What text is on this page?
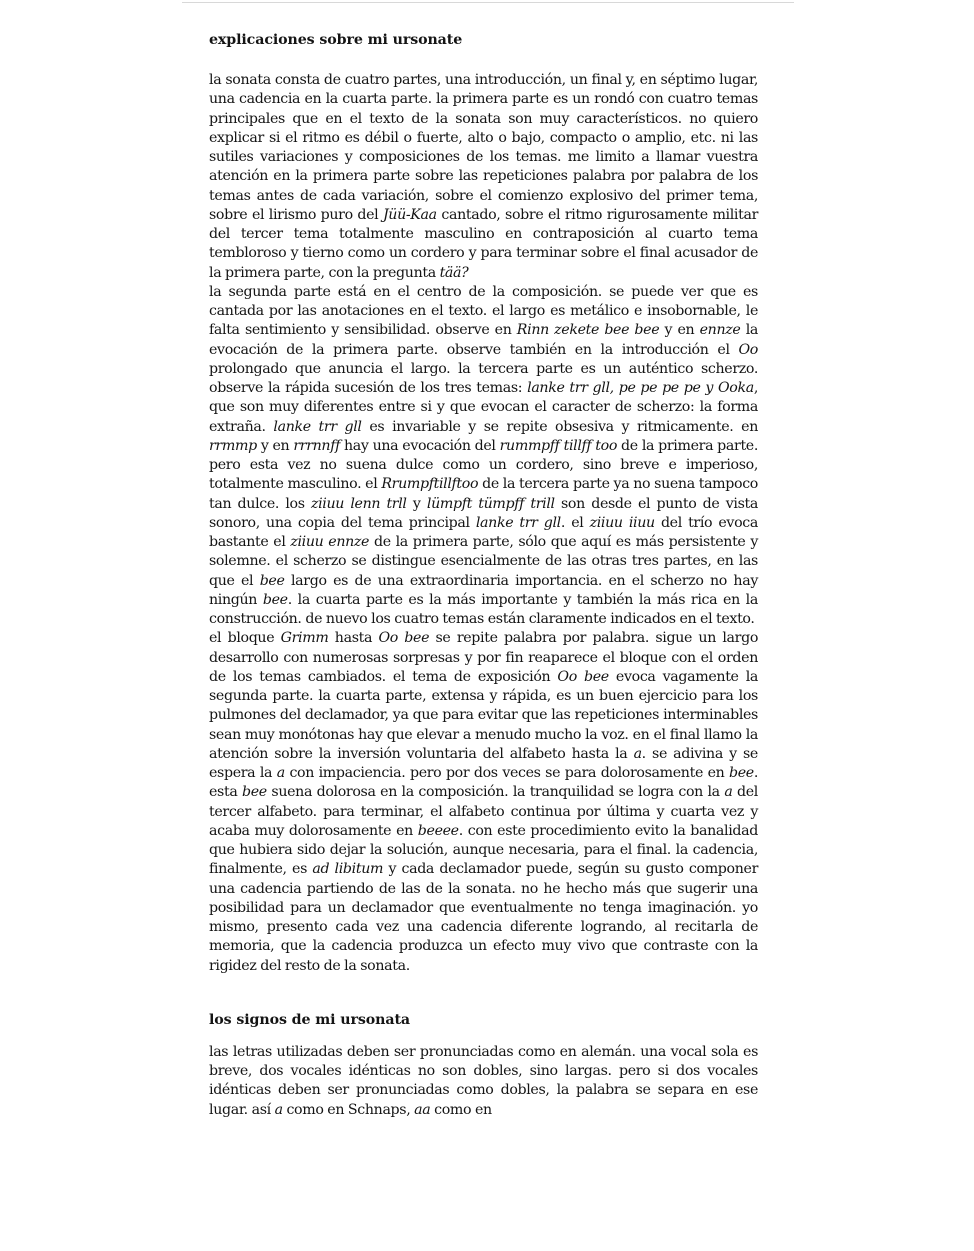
explicaciones sobre mi ursonate

la sonata consta de cuatro partes, una introducción, un final y, en séptimo lugar, una cadencia en la cuarta parte. la primera parte es un rondó con cuatro temas principales que en el texto de la sonata son muy característicos. no quiero explicar si el ritmo es débil o fuerte, alto o bajo, compacto o amplio, etc. ni las sutiles variaciones y composiciones de los temas. me limito a llamar vuestra atención en la primera parte sobre las repeticiones palabra por palabra de los temas antes de cada variación, sobre el comienzo explosivo del primer tema, sobre el lirismo puro del Jüü-Kaa cantado, sobre el ritmo rigurosamente militar del tercer tema totalmente masculino en contraposición al cuarto tema tembloroso y tierno como un cordero y para terminar sobre el final acusador de la primera parte, con la pregunta tää?

la segunda parte está en el centro de la composición. se puede ver que es cantada por las anotaciones en el texto. el largo es metálico e insobornable, le falta sentimiento y sensibilidad. observe en Rinn zekete bee bee y en ennze la evocación de la primera parte. observe también en la introducción el Oo prolongado que anuncia el largo. la tercera parte es un auténtico scherzo. observe la rápida sucesión de los tres temas: lanke trr gll, pe pe pe pe y Ooka, que son muy diferentes entre si y que evocan el caracter de scherzo: la forma extraña. lanke trr gll es invariable y se repite obsesiva y ritmicamente. en rrmmp y en rrrnnff hay una evocación del rummpff tillff too de la primera parte. pero esta vez no suena dulce como un cordero, sino breve e imperioso, totalmente masculino. el Rrumpftillftoo de la tercera parte ya no suena tampoco tan dulce. los ziiuu lenn trll y lümpft tümpff trill son desde el punto de vista sonoro, una copia del tema principal lanke trr gll. el ziiuu iiuu del trío evoca bastante el ziiuu ennze de la primera parte, sólo que aquí es más persistente y solemne. el scherzo se distingue esencialmente de las otras tres partes, en las que el bee largo es de una extraordinaria importancia. en el scherzo no hay ningún bee. la cuarta parte es la más importante y también la más rica en la construcción. de nuevo los cuatro temas están claramente indicados en el texto.

el bloque Grimm hasta Oo bee se repite palabra por palabra. sigue un largo desarrollo con numerosas sorpresas y por fin reaparece el bloque con el orden de los temas cambiados. el tema de exposición Oo bee evoca vagamente la segunda parte. la cuarta parte, extensa y rápida, es un buen ejercicio para los pulmones del declamador, ya que para evitar que las repeticiones interminables sean muy monótonas hay que elevar a menudo mucho la voz. en el final llamo la atención sobre la inversión voluntaria del alfabeto hasta la a. se adivina y se espera la a con impaciencia. pero por dos veces se para dolorosamente en bee. esta bee suena dolorosa en la composición. la tranquilidad se logra con la a del tercer alfabeto. para terminar, el alfabeto continua por última y cuarta vez y acaba muy dolorosamente en beeee. con este procedimiento evito la banalidad que hubiera sido dejar la solución, aunque necesaria, para el final. la cadencia, finalmente, es ad libitum y cada declamador puede, según su gusto componer una cadencia partiendo de las de la sonata. no he hecho más que sugerir una posibilidad para un declamador que eventualmente no tenga imaginación. yo mismo, presento cada vez una cadencia diferente logrando, al recitarla de memoria, que la cadencia produzca un efecto muy vivo que contraste con la rigidez del resto de la sonata.

los signos de mi ursonata

las letras utilizadas deben ser pronunciadas como en alemán. una vocal sola es breve, dos vocales idénticas no son dobles, sino largas. pero si dos vocales idénticas deben ser pronunciadas como dobles, la palabra se separa en ese lugar. así a como en Schnaps, aa como en
